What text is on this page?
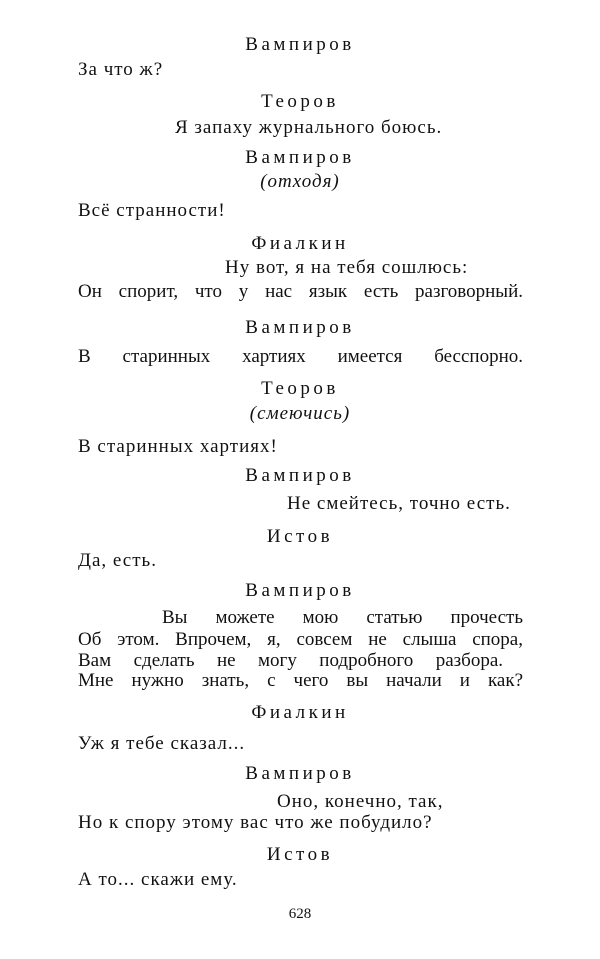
Вампиров
За что ж?
Теоров
Я запаху журнального боюсь.
Вампиров
(отходя)
Всё странности!
Фиалкин
Ну вот, я на тебя сошлюсь:
Он спорит, что у нас язык есть разговорный.
Вампиров
В старинных хартиях имеется бесспорно.
Теоров
(смеючись)
В старинных хартиях!
Вампиров
Не смейтесь, точно есть.
Истов
Да, есть.
Вампиров
Вы можете мою статью прочесть
Об этом. Впрочем, я, совсем не слыша спора,
Вам сделать не могу подробного разбора.
Мне нужно знать, с чего вы начали и как?
Фиалкин
Уж я тебе сказал...
Вампиров
Оно, конечно, так,
Но к спору этому вас что же побудило?
Истов
А то... скажи ему.
628
